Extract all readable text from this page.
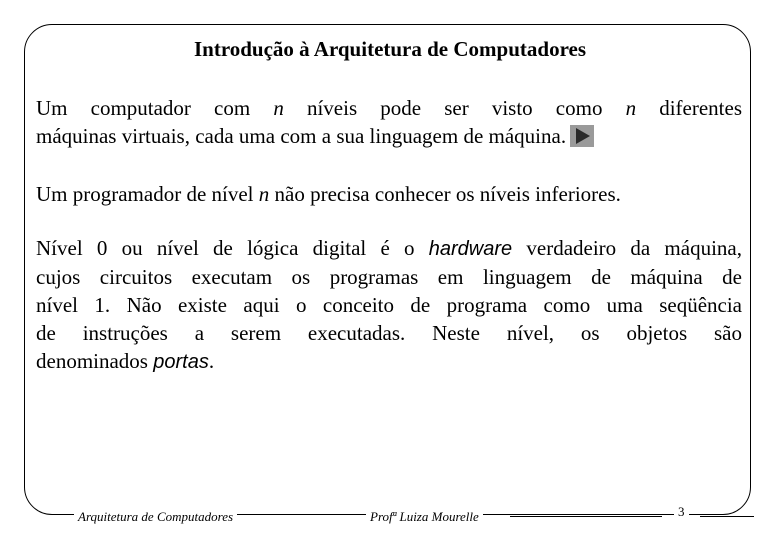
Introdução à Arquitetura de Computadores
Um computador com n níveis pode ser visto como n diferentes
máquinas virtuais, cada uma com a sua linguagem de máquina.
Um programador de nível n não precisa conhecer os níveis inferiores.
Nível 0 ou nível de lógica digital é o hardware verdadeiro da máquina,
cujos circuitos executam os programas em linguagem de máquina de
nível 1. Não existe aqui o conceito de programa como uma seqüência
de instruções a serem executadas. Neste nível, os objetos são
denominados portas.
Arquitetura de Computadores	Profª Luiza Mourelle	3
